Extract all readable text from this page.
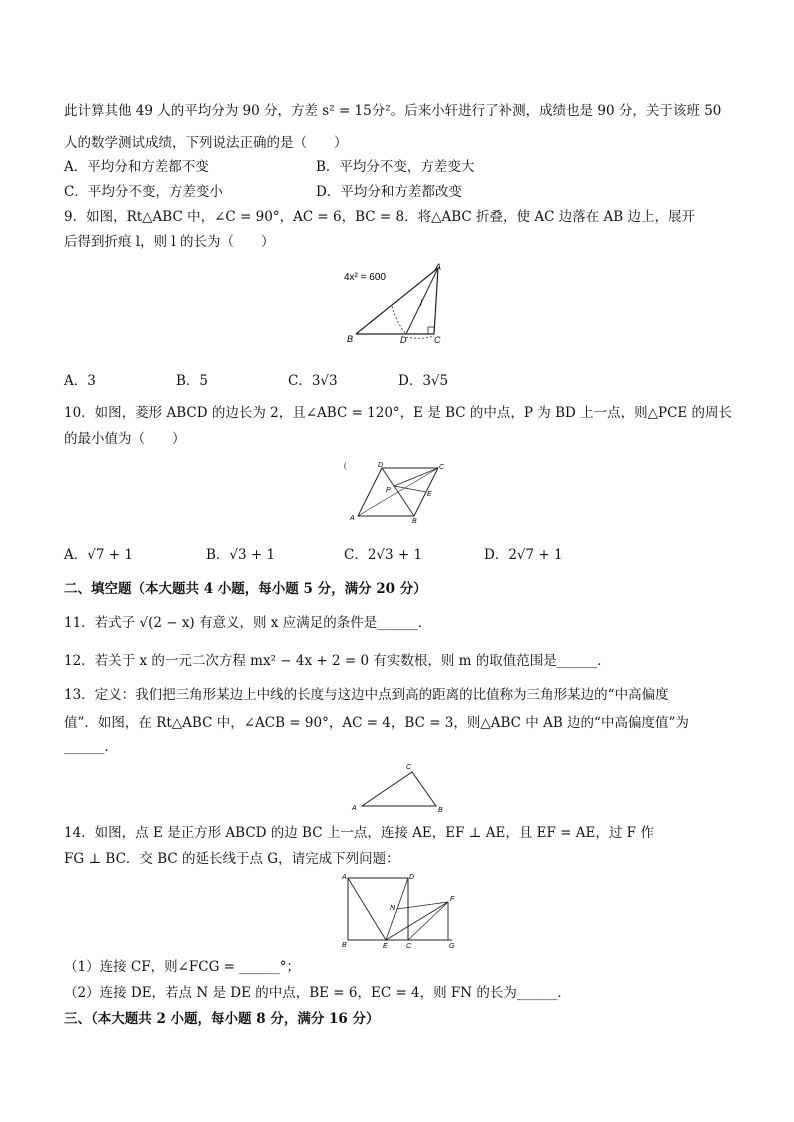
此计算其他 49 人的平均分为 90 分，方差 s² = 15分²。后来小轩进行了补测，成绩也是 90 分，关于该班 50
人的数学测试成绩，下列说法正确的是（　　）
A．平均分和方差都不变	B．平均分不变，方差变大
C．平均分不变，方差变小	D．平均分和方差都改变
9．如图，Rt△ABC 中，∠C = 90°，AC = 6，BC = 8．将△ABC 折叠，使 AC 边落在 AB 边上，展开
后得到折痕 l，则 l 的长为（　　）
4x² = 600
A
B	C
D
l
A．3	B．5	C．3√3	D．3√5
10．如图，菱形 ABCD 的边长为 2，且∠ABC = 120°，E 是 BC 的中点，P 为 BD 上一点，则△PCE 的周长
的最小值为（　　）
(	D	C
E
P
A	B
A．√7 + 1	B．√3 + 1	C．2√3 + 1	D．2√7 + 1
二、填空题（本大题共 4 小题，每小题 5 分，满分 20 分）
11．若式子 √(2 − x) 有意义，则 x 应满足的条件是______．
12．若关于 x 的一元二次方程 mx² − 4x + 2 = 0 有实数根，则 m 的取值范围是______．
13．定义：我们把三角形某边上中线的长度与这边中点到高的距离的比值称为三角形某边的“中高偏度
值”．如图，在 Rt△ABC 中，∠ACB = 90°，AC = 4，BC = 3，则△ABC 中 AB 边的“中高偏度值”为
______．
A
C
B
14．如图，点 E 是正方形 ABCD 的边 BC 上一点，连接 AE，EF ⊥ AE，且 EF = AE，过 F 作
FG ⊥ BC．交 BC 的延长线于点 G，请完成下列问题：
A	D
B	E	C	G
F
N
（1）连接 CF，则∠FCG = ______°；
（2）连接 DE，若点 N 是 DE 的中点，BE = 6，EC = 4，则 FN 的长为______．
三、（本大题共 2 小题，每小题 8 分，满分 16 分）
